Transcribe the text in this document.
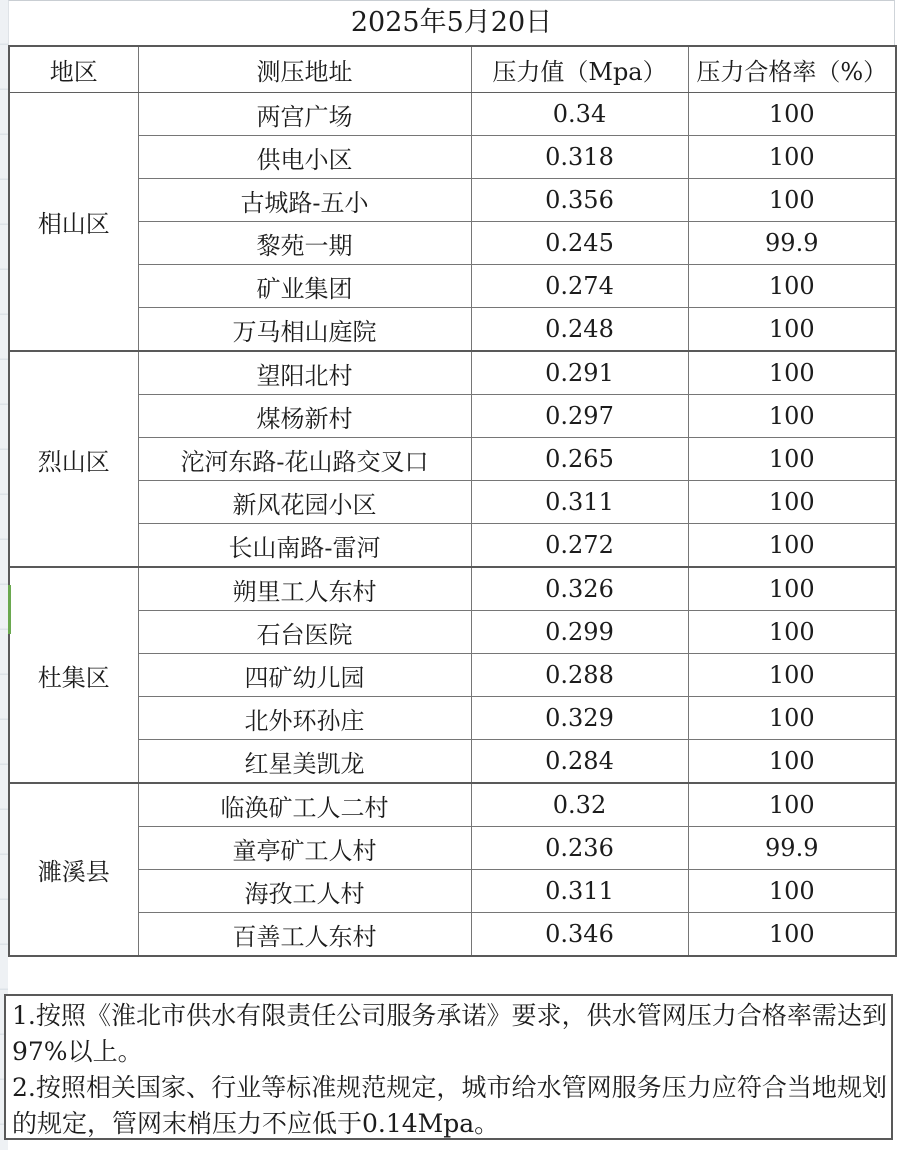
2025年5月20日
地区	测压地址	压力值（Mpa）	压力合格率（%）
相山区	两宫广场	0.34	100
	供电小区	0.318	100
	古城路-五小	0.356	100
	黎苑一期	0.245	99.9
	矿业集团	0.274	100
	万马相山庭院	0.248	100
烈山区	望阳北村	0.291	100
	煤杨新村	0.297	100
	沱河东路-花山路交叉口	0.265	100
	新风花园小区	0.311	100
	长山南路-雷河	0.272	100
杜集区	朔里工人东村	0.326	100
	石台医院	0.299	100
	四矿幼儿园	0.288	100
	北外环孙庄	0.329	100
	红星美凯龙	0.284	100
濉溪县	临涣矿工人二村	0.32	100
	童亭矿工人村	0.236	99.9
	海孜工人村	0.311	100
	百善工人东村	0.346	100

1.按照《淮北市供水有限责任公司服务承诺》要求，供水管网压力合格率需达到97%以上。

2.按照相关国家、行业等标准规范规定，城市给水管网服务压力应符合当地规划的规定，管网末梢压力不应低于0.14Mpa。
